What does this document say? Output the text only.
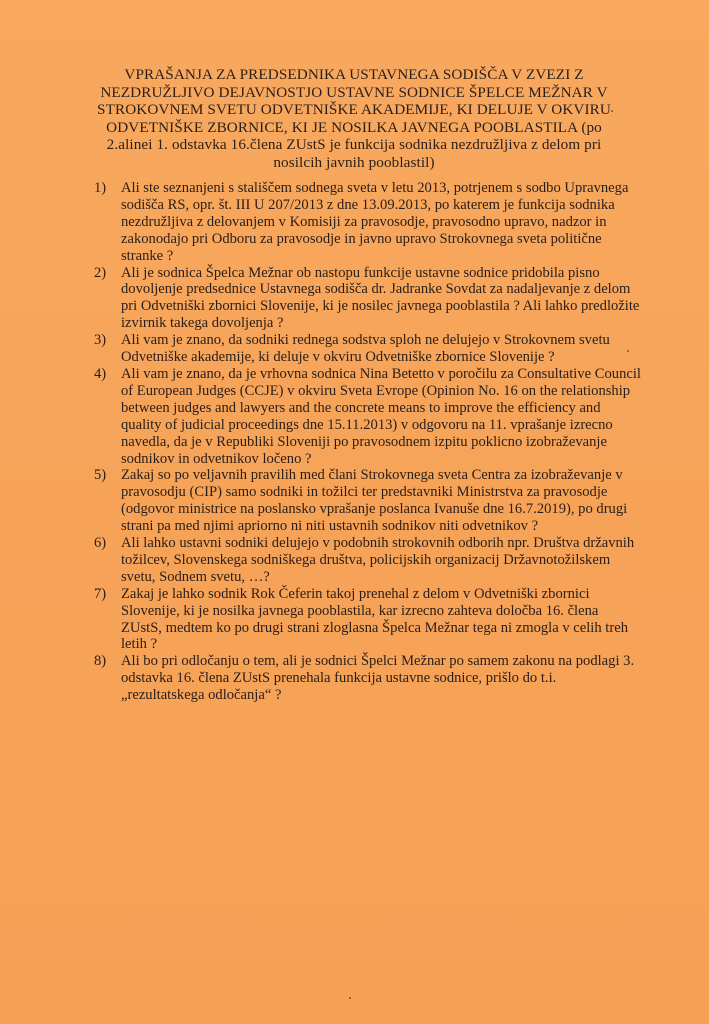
VPRAŠANJA ZA PREDSEDNIKA USTAVNEGA SODIŠČA V ZVEZI Z NEZDRUŽLJIVO DEJAVNOSTJO USTAVNE SODNICE ŠPELCE MEŽNAR V STROKOVNEM SVETU ODVETNIŠKE AKADEMIJE, KI DELUJE V OKVIRU ODVETNIŠKE ZBORNICE, KI JE NOSILKA JAVNEGA POOBLASTILA (po 2.alinei 1. odstavka 16.člena ZUstS je funkcija sodnika nezdružljiva z delom pri nosilcih javnih pooblastil)
1)	Ali ste seznanjeni s stališčem sodnega sveta v letu 2013, potrjenem s sodbo Upravnega sodišča RS, opr. št. III U 207/2013 z dne 13.09.2013, po katerem je funkcija sodnika nezdružljiva z delovanjem v Komisiji za pravosodje, pravosodno upravo, nadzor in zakonodajo pri Odboru za pravosodje in javno upravo Strokovnega sveta politične stranke ?
2)	Ali je sodnica Špelca Mežnar ob nastopu funkcije ustavne sodnice pridobila pisno dovoljenje predsednice Ustavnega sodišča dr. Jadranke Sovdat za nadaljevanje z delom pri Odvetniški zbornici Slovenije, ki je nosilec javnega pooblastila ? Ali lahko predložite izvirnik takega dovoljenja ?
3)	Ali vam je znano, da sodniki rednega sodstva sploh ne delujejo v Strokovnem svetu Odvetniške akademije, ki deluje v okviru Odvetniške zbornice Slovenije ?
4)	Ali vam je znano, da je vrhovna sodnica Nina Betetto v poročilu za Consultative Council of European Judges (CCJE) v okviru Sveta Evrope (Opinion No. 16 on the relationship between judges and lawyers and the concrete means to improve the efficiency and quality of judicial proceedings dne 15.11.2013) v odgovoru na 11. vprašanje izrecno navedla, da je v Republiki Sloveniji po pravosodnem izpitu poklicno izobraževanje sodnikov in odvetnikov ločeno ?
5)	Zakaj so po veljavnih pravilih med člani Strokovnega sveta Centra za izobraževanje v pravosodju (CIP) samo sodniki in tožilci ter predstavniki Ministrstva za pravosodje (odgovor ministrice na poslansko vprašanje poslanca Ivanuše dne 16.7.2019), po drugi strani pa med njimi apriorno ni niti ustavnih sodnikov niti odvetnikov ?
6)	Ali lahko ustavni sodniki delujejo v podobnih strokovnih odborih npr. Društva državnih tožilcev, Slovenskega sodniškega društva, policijskih organizacij Državnotožilskem svetu, Sodnem svetu, …?
7)	Zakaj je lahko sodnik Rok Čeferin takoj prenehal z delom v Odvetniški zbornici Slovenije, ki je nosilka javnega pooblastila, kar izrecno zahteva določba 16. člena ZUstS, medtem ko po drugi strani zloglasna Špelca Mežnar tega ni zmogla v celih treh letih ?
8)	Ali bo pri odločanju o tem, ali je sodnici Špelci Mežnar po samem zakonu na podlagi 3. odstavka 16. člena ZUstS prenehala funkcija ustavne sodnice, prišlo do t.i. „rezultatskega odločanja“ ?
